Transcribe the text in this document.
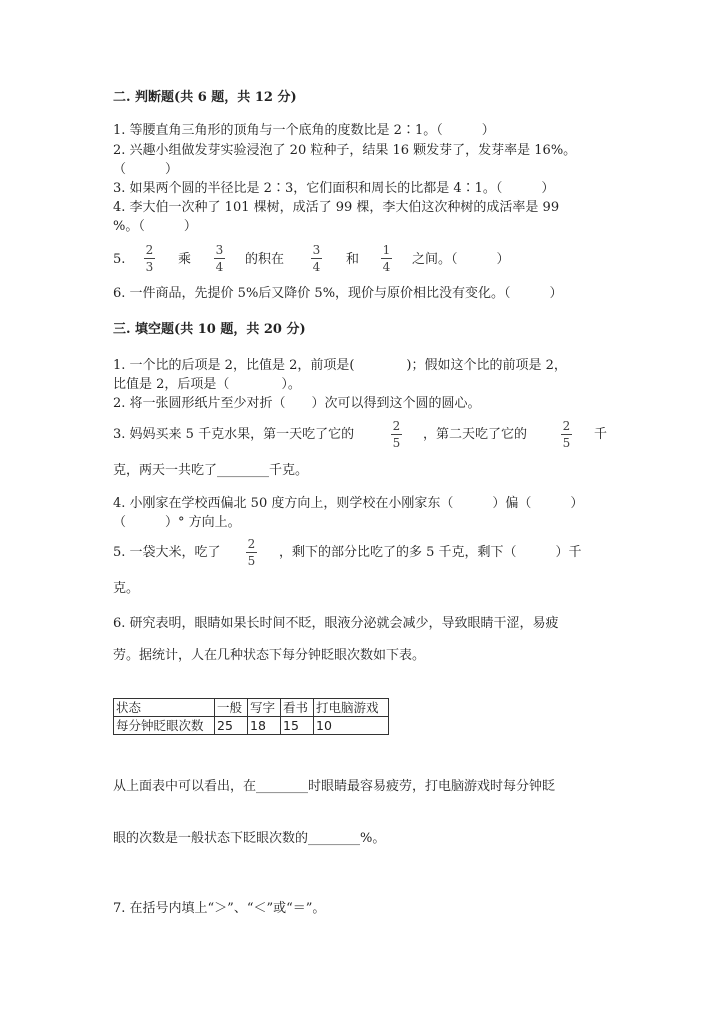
二. 判断题(共 6 题，共 12 分)
1. 等腰直角三角形的顶角与一个底角的度数比是 2∶1。（　　　）
2. 兴趣小组做发芽实验浸泡了 20 粒种子，结果 16 颗发芽了，发芽率是 16%。
（　　　）
3. 如果两个圆的半径比是 2∶3，它们面积和周长的比都是 4∶1。（　　　）
4. 李大伯一次种了 101 棵树，成活了 99 棵，李大伯这次种树的成活率是 99
%。（　　　）
5.
2
3 乘
3
4 的积在
3
4 和
1
4 之间。（　　　）
6. 一件商品，先提价 5%后又降价 5%，现价与原价相比没有变化。（　　　）
三. 填空题(共 10 题，共 20 分)
1. 一个比的后项是 2，比值是 2，前项是(　　　　)；假如这个比的前项是 2，
比值是 2，后项是（　　　　）。
2. 将一张圆形纸片至少对折（　　）次可以得到这个圆的圆心。
3. 妈妈买来 5 千克水果，第一天吃了它的
2
5
，第二天吃了它的
2
5
千
克，两天一共吃了________千克。
4. 小刚家在学校西偏北 50 度方向上，则学校在小刚家东（　　　）偏（　　　）
（　　　）° 方向上。
5. 一袋大米，吃了
2
5
，剩下的部分比吃了的多 5 千克，剩下（　　　）千
克。
6. 研究表明，眼睛如果长时间不眨，眼液分泌就会减少，导致眼睛干涩，易疲
劳。据统计，人在几种状态下每分钟眨眼次数如下表。
状态	一般	写字	看书	打电脑游戏
每分钟眨眼次数	25	18	15	10
从上面表中可以看出，在________时眼睛最容易疲劳，打电脑游戏时每分钟眨
眼的次数是一般状态下眨眼次数的________%。
7. 在括号内填上“＞”、“＜”或“＝”。
